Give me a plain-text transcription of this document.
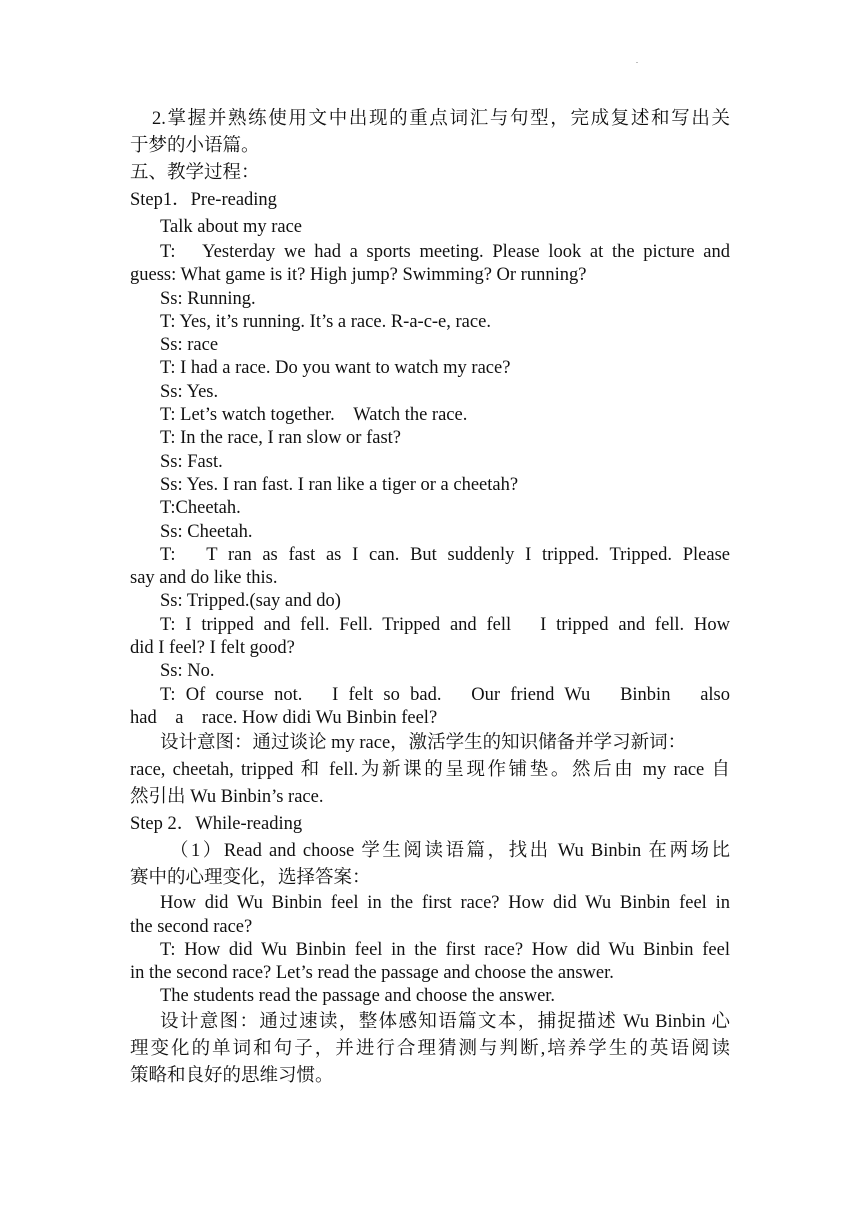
.
2.掌握并熟练使用文中出现的重点词汇与句型，完成复述和写出关
于梦的小语篇。
五、教学过程：
Step1．Pre-reading
Talk about my race
T:　Yesterday we had a sports meeting. Please look at the picture and
guess: What game is it? High jump? Swimming? Or running?
Ss: Running.
T: Yes, it’s running. It’s a race. R-a-c-e, race.
Ss: race
T: I had a race. Do you want to watch my race?
Ss: Yes.
T: Let’s watch together.　Watch the race.
T: In the race, I ran slow or fast?
Ss: Fast.
Ss: Yes. I ran fast. I ran like a tiger or a cheetah?
T:Cheetah.
Ss: Cheetah.
T:　T ran as fast as I can. But suddenly I tripped. Tripped. Please
say and do like this.
Ss: Tripped.(say and do)
T: I tripped and fell. Fell. Tripped and fell　I tripped and fell. How
did I feel? I felt good?
Ss: No.
T: Of course not.　I felt so bad.　Our friend Wu　Binbin　also
had　a　race. How didi Wu Binbin feel?
设计意图：通过谈论 my race，激活学生的知识储备并学习新词：
race, cheetah, tripped 和 fell.为新课的呈现作铺垫。然后由 my race 自
然引出 Wu Binbin’s race.
Step 2．While-reading
（1）Read and choose 学生阅读语篇，找出 Wu Binbin 在两场比
赛中的心理变化，选择答案：
How did Wu Binbin feel in the first race? How did Wu Binbin feel in
the second race?
T: How did Wu Binbin feel in the first race? How did Wu Binbin feel
in the second race? Let’s read the passage and choose the answer.
The students read the passage and choose the answer.
设计意图：通过速读，整体感知语篇文本，捕捉描述 Wu Binbin 心
理变化的单词和句子，并进行合理猜测与判断,培养学生的英语阅读
策略和良好的思维习惯。
